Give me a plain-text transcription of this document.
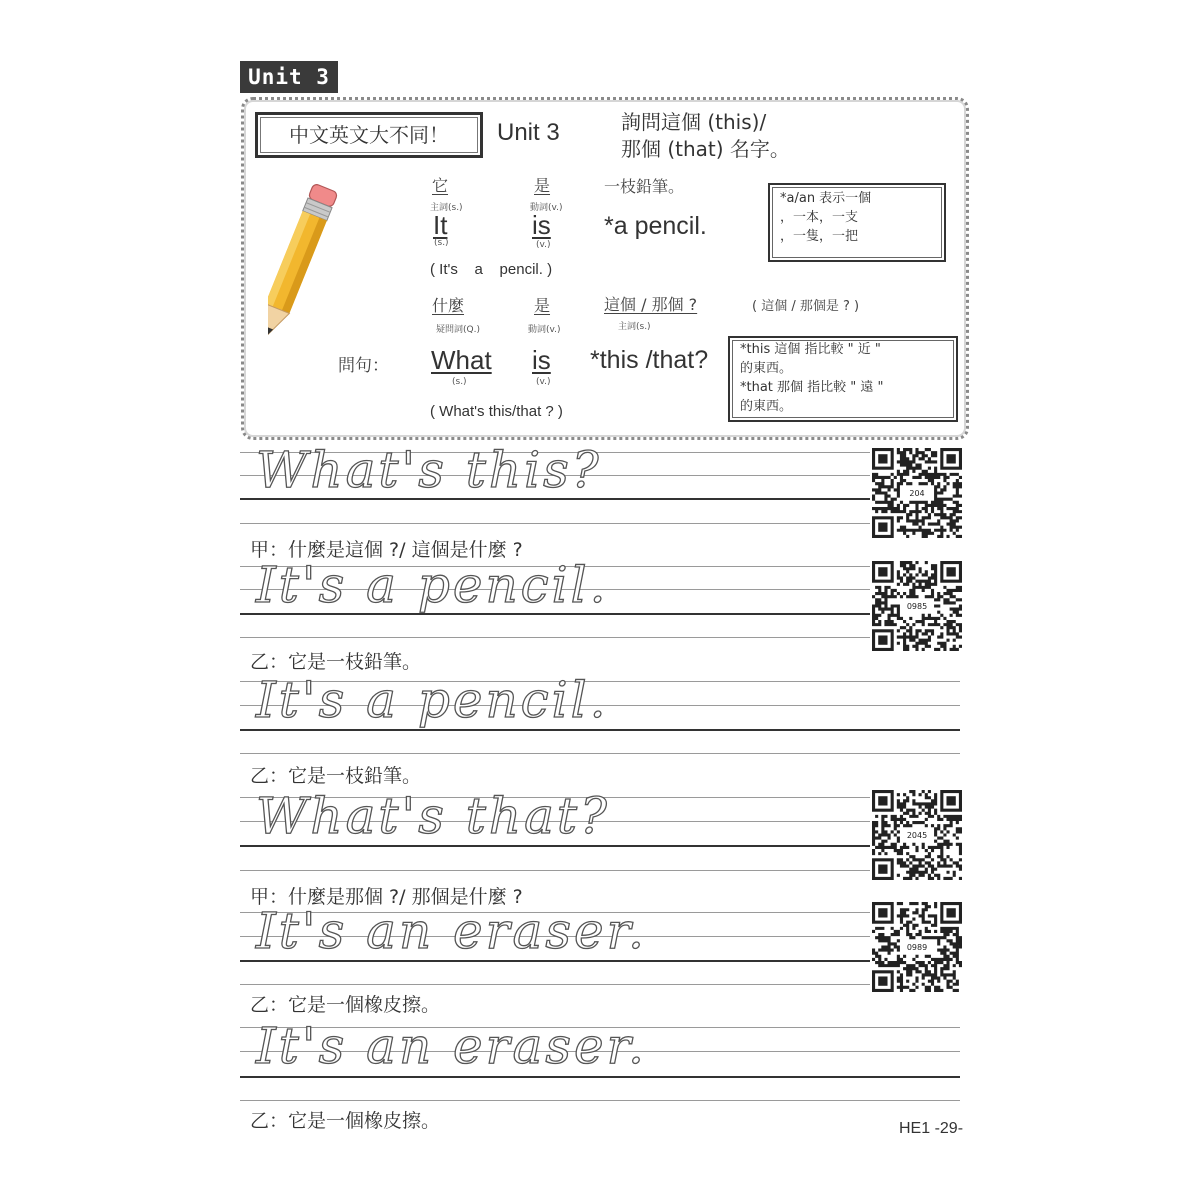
Unit 3
中文英文大不同！	Unit 3	詢問這個 (this)/
那個 (that) 名字。
它	是	一枝鉛筆。
主詞(s.)	動詞(v.)
It	is *a pencil.
(s.)	(v.)
( It's    a    pencil. )
什麼	是	這個 / 那個 ?	( 這個 / 那個是 ? )
疑問詞(Q.)	動詞(v.)	主詞(s.)
問句： What is *this /that?
(s.)	(v.)
( What's this/that ? )
*a/an 表示一個
，一本，一支
，一隻，一把
*this 這個 指比較 " 近 "
的東西。
*that 那個 指比較 " 遠 "
的東西。
What's this?
甲：什麼是這個 ?/ 這個是什麼 ?
204
It's a pencil.
乙：它是一枝鉛筆。
0985
It's a pencil.
乙：它是一枝鉛筆。
What's that?
甲：什麼是那個 ?/ 那個是什麼 ?
2045
It's an eraser.
乙：它是一個橡皮擦。
0989
It's an eraser.
乙：它是一個橡皮擦。	HE1 -29-
